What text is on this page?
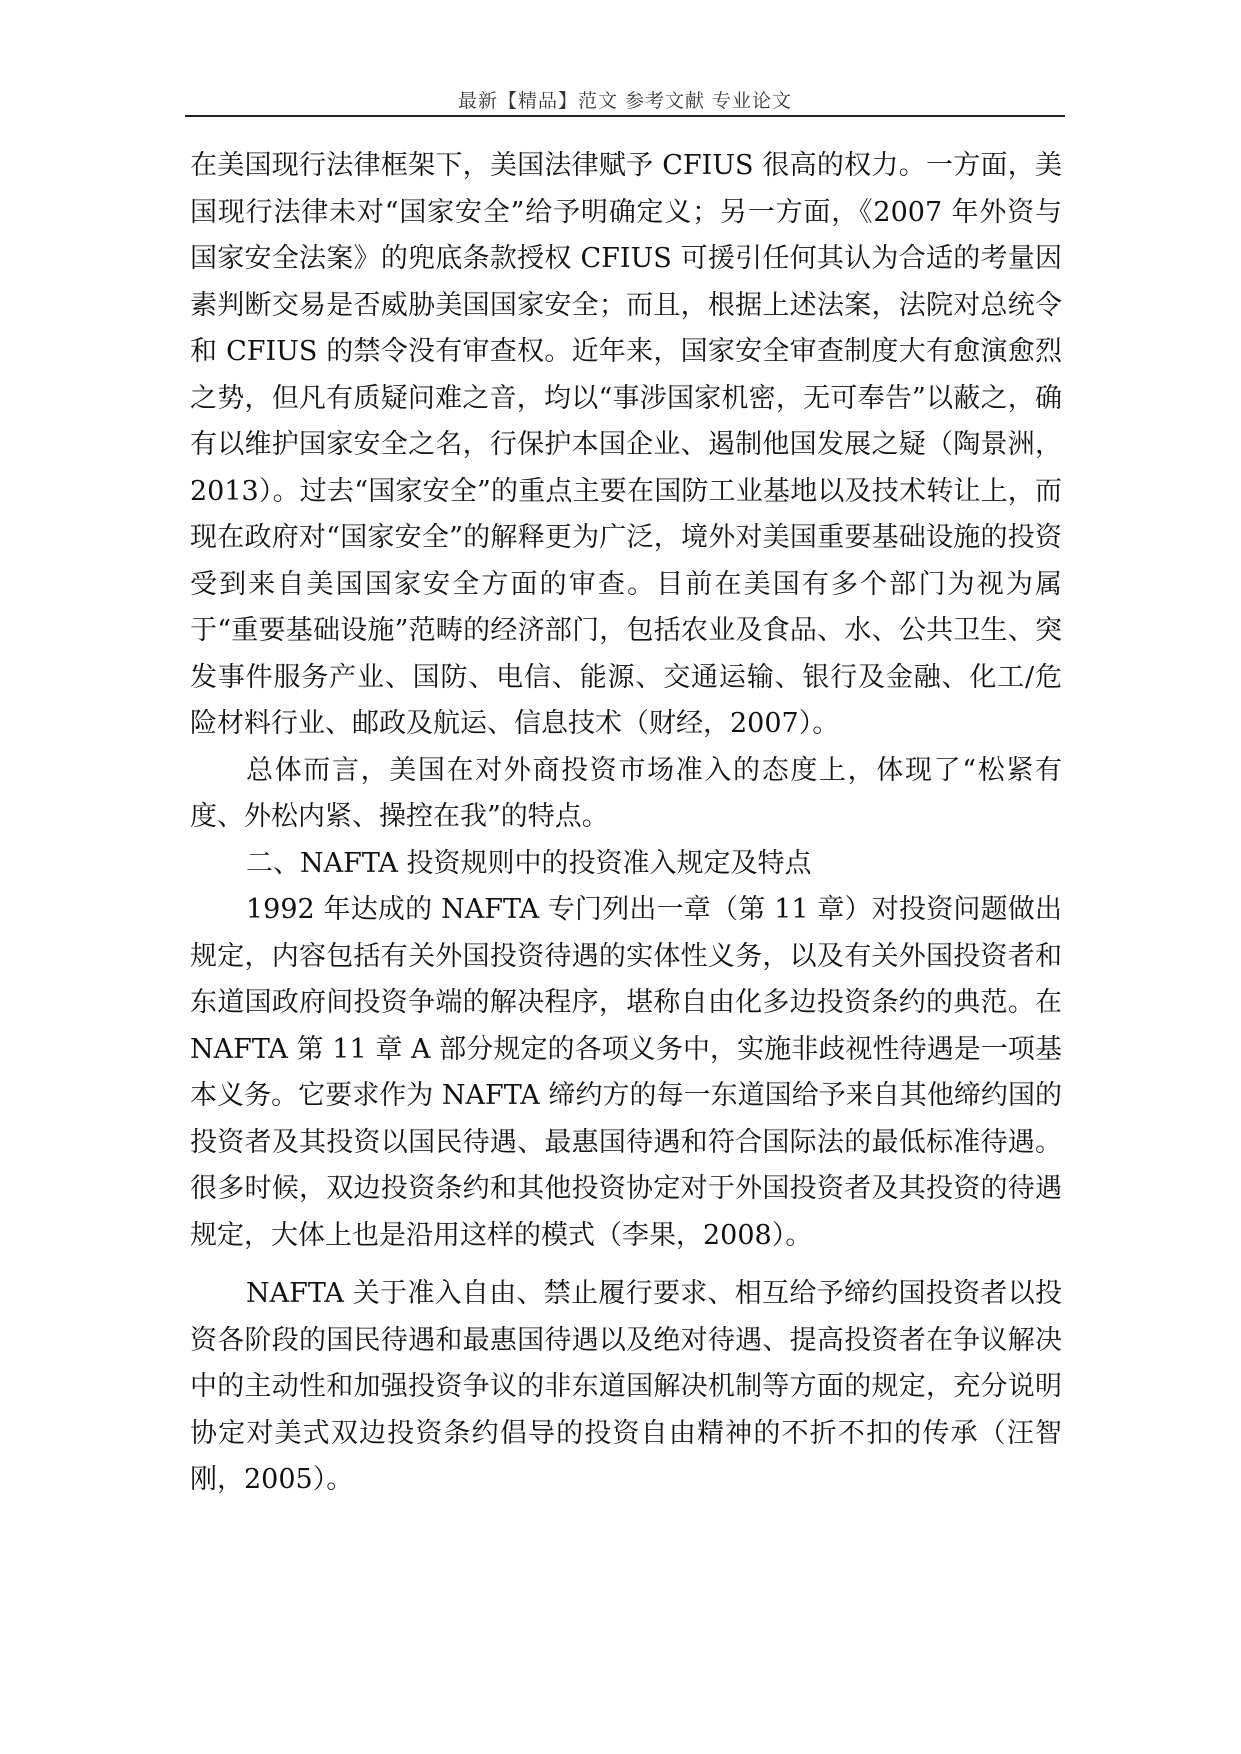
最新【精品】范文 参考文献 专业论文

在美国现行法律框架下，美国法律赋予 CFIUS 很高的权力。一方面，美国现行法律未对“国家安全”给予明确定义；另一方面，《2007 年外资与国家安全法案》的兜底条款授权 CFIUS 可援引任何其认为合适的考量因素判断交易是否威胁美国国家安全；而且，根据上述法案，法院对总统令和 CFIUS 的禁令没有审查权。近年来，国家安全审查制度大有愈演愈烈之势，但凡有质疑问难之音，均以“事涉国家机密，无可奉告”以蔽之，确有以维护国家安全之名，行保护本国企业、遏制他国发展之疑（陶景洲，2013）。过去“国家安全”的重点主要在国防工业基地以及技术转让上，而现在政府对“国家安全”的解释更为广泛，境外对美国重要基础设施的投资受到来自美国国家安全方面的审查。目前在美国有多个部门为视为属于“重要基础设施”范畴的经济部门，包括农业及食品、水、公共卫生、突发事件服务产业、国防、电信、能源、交通运输、银行及金融、化工/危险材料行业、邮政及航运、信息技术（财经，2007）。

总体而言，美国在对外商投资市场准入的态度上，体现了“松紧有度、外松内紧、操控在我”的特点。

二、NAFTA 投资规则中的投资准入规定及特点

1992 年达成的 NAFTA 专门列出一章（第 11 章）对投资问题做出规定，内容包括有关外国投资待遇的实体性义务，以及有关外国投资者和东道国政府间投资争端的解决程序，堪称自由化多边投资条约的典范。在 NAFTA 第 11 章 A 部分规定的各项义务中，实施非歧视性待遇是一项基本义务。它要求作为 NAFTA 缔约方的每一东道国给予来自其他缔约国的投资者及其投资以国民待遇、最惠国待遇和符合国际法的最低标准待遇。很多时候，双边投资条约和其他投资协定对于外国投资者及其投资的待遇规定，大体上也是沿用这样的模式（李果，2008）。

NAFTA 关于准入自由、禁止履行要求、相互给予缔约国投资者以投资各阶段的国民待遇和最惠国待遇以及绝对待遇、提高投资者在争议解决中的主动性和加强投资争议的非东道国解决机制等方面的规定，充分说明协定对美式双边投资条约倡导的投资自由精神的不折不扣的传承（汪智刚，2005）。
